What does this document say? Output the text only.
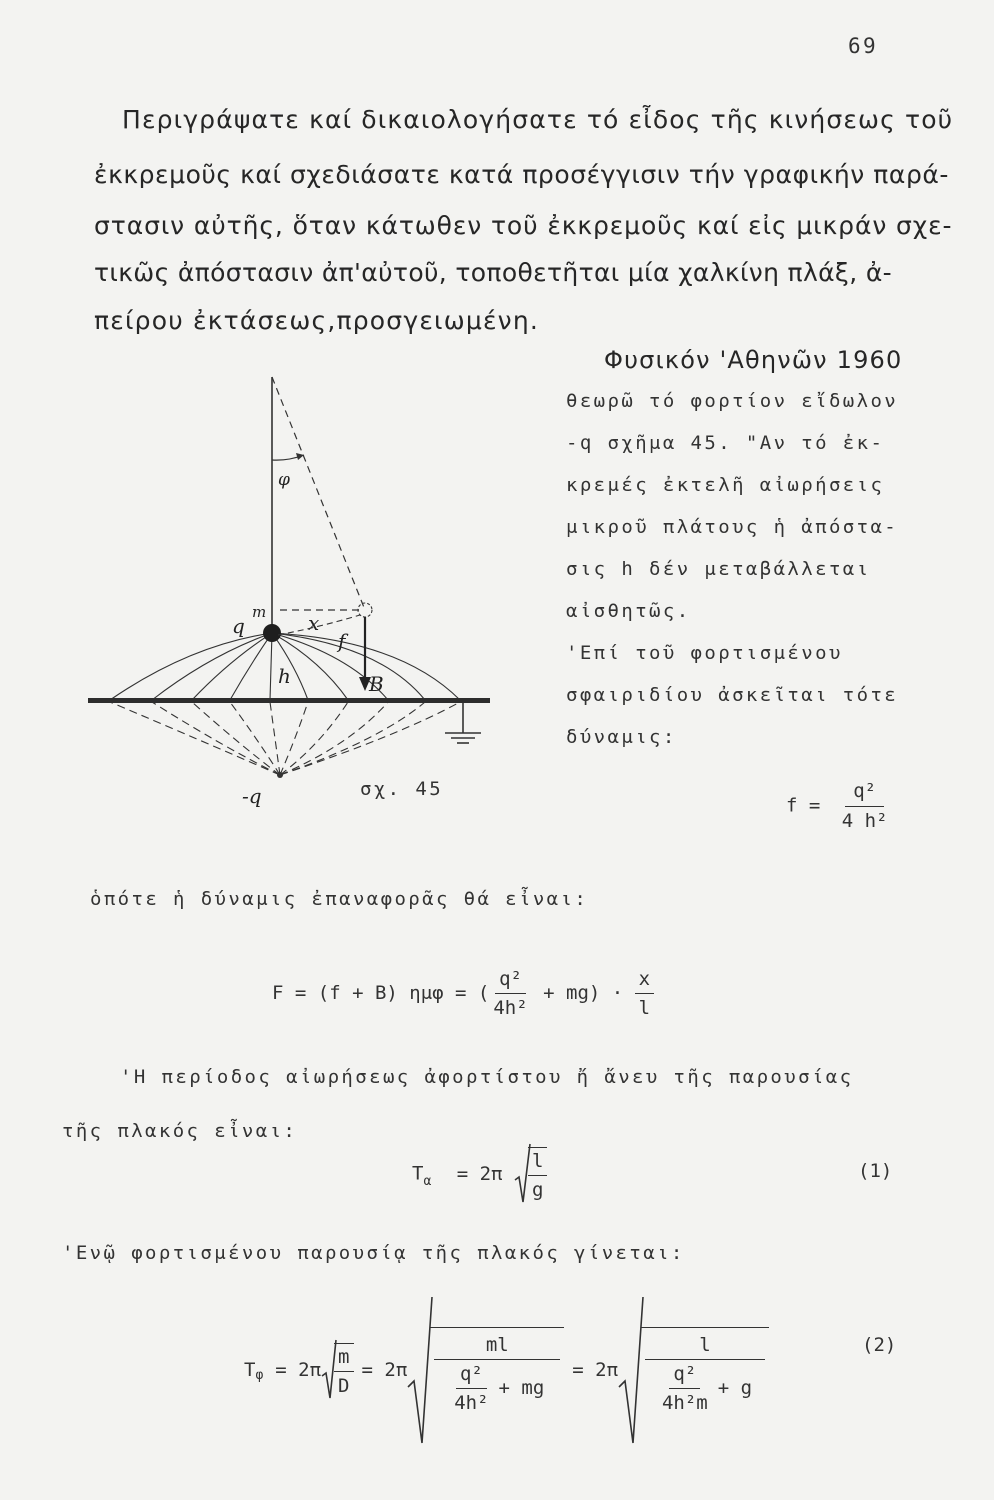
69
Περιγράψατε καί δικαιολογήσατε τό εἶδος τῆς κινήσεως τοῦ
ἐκκρεμοῦς καί σχεδιάσατε κατά προσέγγισιν τήν γραφικήν παρά-
στασιν αὐτῆς, ὅταν κάτωθεν τοῦ ἐκκρεμοῦς καί εἰς μικράν σχε-
τικῶς ἀπόστασιν ἀπ'αὐτοῦ, τοποθετῆται μία χαλκίνη πλάξ, ἀ-
πείρου ἐκτάσεως,προσγειωμένη.
Φυσικόν 'Αθηνῶν 1960
φ
m
q	x
f
h	B
-q	σχ. 45
θεωρῶ τό φορτίον εἴδωλον
-q σχῆμα 45. "Αν τό ἐκ-
κρεμές ἐκτελῆ αἰωρήσεις
μικροῦ πλάτους ἡ ἀπόστα-
σις h δέν μεταβάλλεται
αἰσθητῶς.
'Επί τοῦ φορτισμένου
σφαιριδίου ἀσκεῖται τότε
δύναμις:
$f = \frac{\text{q²}}{\text{4 h²}}$
ὁπότε ἡ δύναμις ἐπαναφορᾶς θά εἶναι:
F = (f + B) ημφ = ( $\frac{\text{q²}}{\text{4h²}} + mg) \cdot \frac{x}{l}$
'Η περίοδος αἰωρήσεως ἀφορτίστου ἤ ἄνευ τῆς παρουσίας
τῆς πλακός εἶναι:
$T_\alpha = 2\pi \frac{l}{g}$	(1)
'Ενῷ φορτισμένου παρουσίᾳ τῆς πλακός γίνεται:
T $\varphi = 2\pi \frac{m}{D} = 2\pi \frac{ml}{\frac{\text{q²}}{\text{4h²}} + mg} = 2\pi \frac{l}{\frac{\text{q²}}{\text{4h²m}} + g}$	(2)
